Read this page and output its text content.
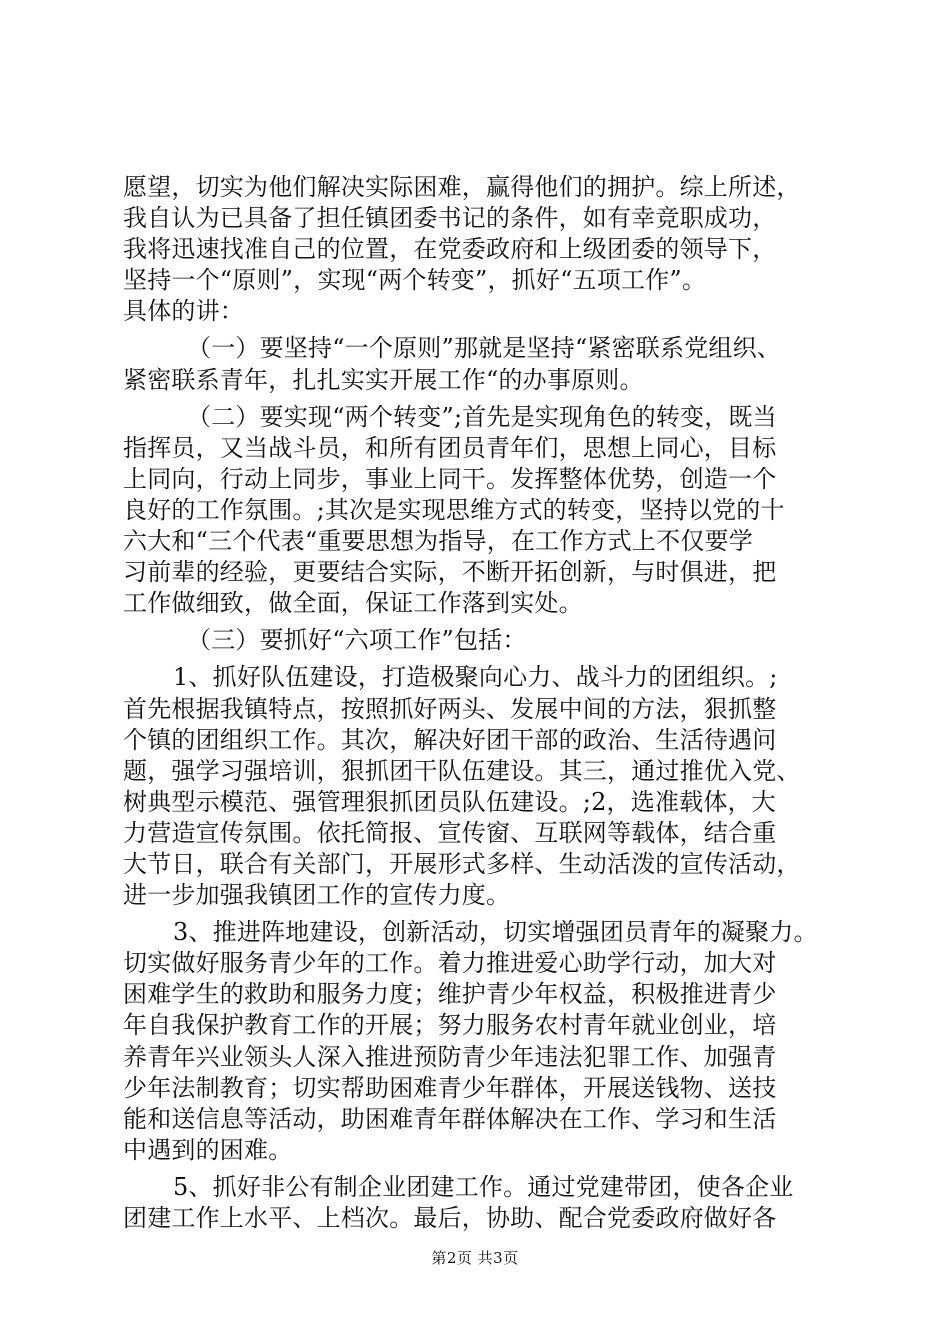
愿望，切实为他们解决实际困难，赢得他们的拥护。综上所述，

我自认为已具备了担任镇团委书记的条件，如有幸竞职成功，

我将迅速找准自己的位置，在党委政府和上级团委的领导下，

坚持一个“原则”，实现“两个转变”，抓好“五项工作”。

具体的讲：

（一）要坚持“一个原则”那就是坚持“紧密联系党组织、

紧密联系青年，扎扎实实开展工作“的办事原则。

（二）要实现“两个转变”;首先是实现角色的转变，既当

指挥员，又当战斗员，和所有团员青年们，思想上同心，目标

上同向，行动上同步，事业上同干。发挥整体优势，创造一个

良好的工作氛围。;其次是实现思维方式的转变，坚持以党的十

六大和“三个代表“重要思想为指导，在工作方式上不仅要学

习前辈的经验，更要结合实际，不断开拓创新，与时俱进，把

工作做细致，做全面，保证工作落到实处。

（三）要抓好“六项工作”包括：

1、抓好队伍建设，打造极聚向心力、战斗力的团组织。;

首先根据我镇特点，按照抓好两头、发展中间的方法，狠抓整

个镇的团组织工作。其次，解决好团干部的政治、生活待遇问

题，强学习强培训，狠抓团干队伍建设。其三，通过推优入党、

树典型示模范、强管理狠抓团员队伍建设。;2，选准载体，大

力营造宣传氛围。依托简报、宣传窗、互联网等载体，结合重

大节日，联合有关部门，开展形式多样、生动活泼的宣传活动，

进一步加强我镇团工作的宣传力度。

3、推进阵地建设，创新活动，切实增强团员青年的凝聚力。

切实做好服务青少年的工作。着力推进爱心助学行动，加大对

困难学生的救助和服务力度；维护青少年权益，积极推进青少

年自我保护教育工作的开展；努力服务农村青年就业创业，培

养青年兴业领头人深入推进预防青少年违法犯罪工作、加强青

少年法制教育；切实帮助困难青少年群体，开展送钱物、送技

能和送信息等活动，助困难青年群体解决在工作、学习和生活

中遇到的困难。

5、抓好非公有制企业团建工作。通过党建带团，使各企业

团建工作上水平、上档次。最后，协助、配合党委政府做好各

第2页 共3页
